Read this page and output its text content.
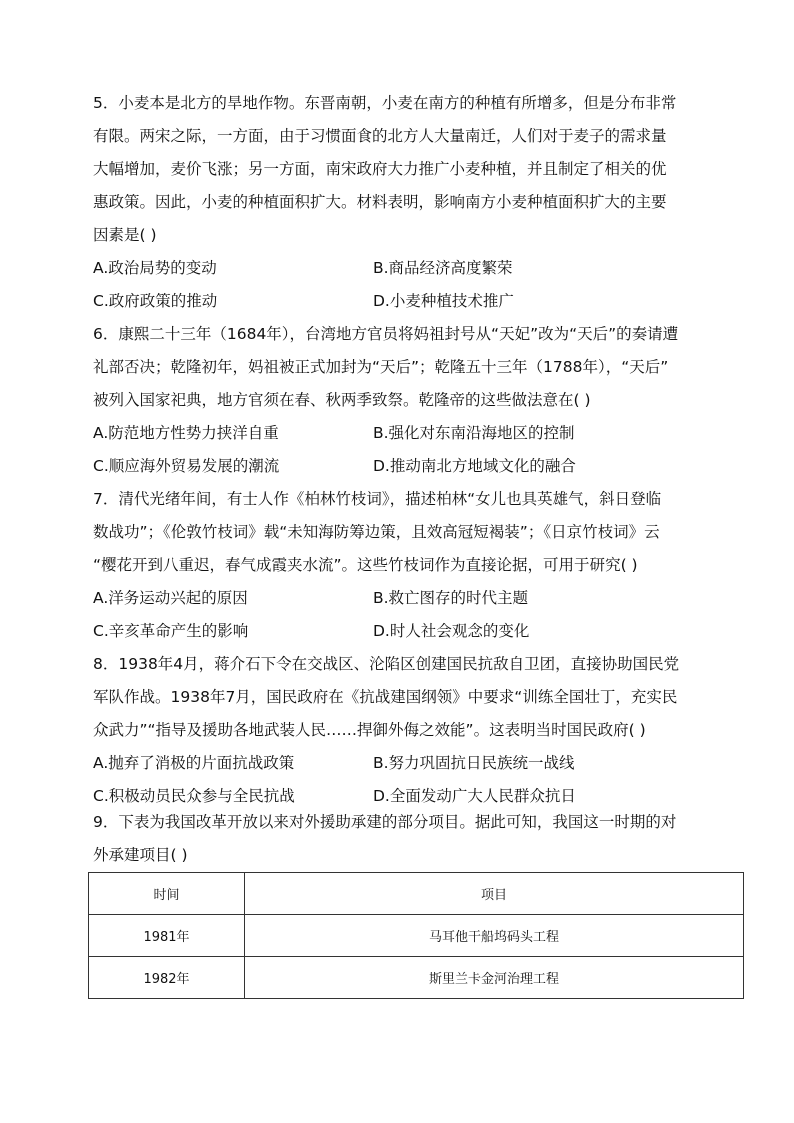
5．小麦本是北方的旱地作物。东晋南朝，小麦在南方的种植有所增多，但是分布非常

有限。两宋之际，一方面，由于习惯面食的北方人大量南迁，人们对于麦子的需求量

大幅增加，麦价飞涨；另一方面，南宋政府大力推广小麦种植，并且制定了相关的优

惠政策。因此，小麦的种植面积扩大。材料表明，影响南方小麦种植面积扩大的主要

因素是( )

A.政治局势的变动	B.商品经济高度繁荣
C.政府政策的推动	D.小麦种植技术推广

6．康熙二十三年（1684年），台湾地方官员将妈祖封号从“天妃”改为“天后”的奏请遭

礼部否决；乾隆初年，妈祖被正式加封为“天后”；乾隆五十三年（1788年），“天后”

被列入国家祀典，地方官须在春、秋两季致祭。乾隆帝的这些做法意在( )

A.防范地方性势力挟洋自重	B.强化对东南沿海地区的控制
C.顺应海外贸易发展的潮流	D.推动南北方地域文化的融合

7．清代光绪年间，有士人作《柏林竹枝词》，描述柏林“女儿也具英雄气，斜日登临

数战功”；《伦敦竹枝词》载“未知海防筹边策，且效高冠短褐装”；《日京竹枝词》云

“樱花开到八重迟，春气成霞夹水流”。这些竹枝词作为直接论据，可用于研究( )

A.洋务运动兴起的原因	B.救亡图存的时代主题
C.辛亥革命产生的影响	D.时人社会观念的变化

8．1938年4月，蒋介石下令在交战区、沦陷区创建国民抗敌自卫团，直接协助国民党

军队作战。1938年7月，国民政府在《抗战建国纲领》中要求“训练全国壮丁，充实民

众武力”“指导及援助各地武装人民……捍御外侮之效能”。这表明当时国民政府( )

A.抛弃了消极的片面抗战政策	B.努力巩固抗日民族统一战线
C.积极动员民众参与全民抗战	D.全面发动广大人民群众抗日

9．下表为我国改革开放以来对外援助承建的部分项目。据此可知，我国这一时期的对

外承建项目( )

时间	项目
1981年	马耳他干船坞码头工程
1982年	斯里兰卡金河治理工程
